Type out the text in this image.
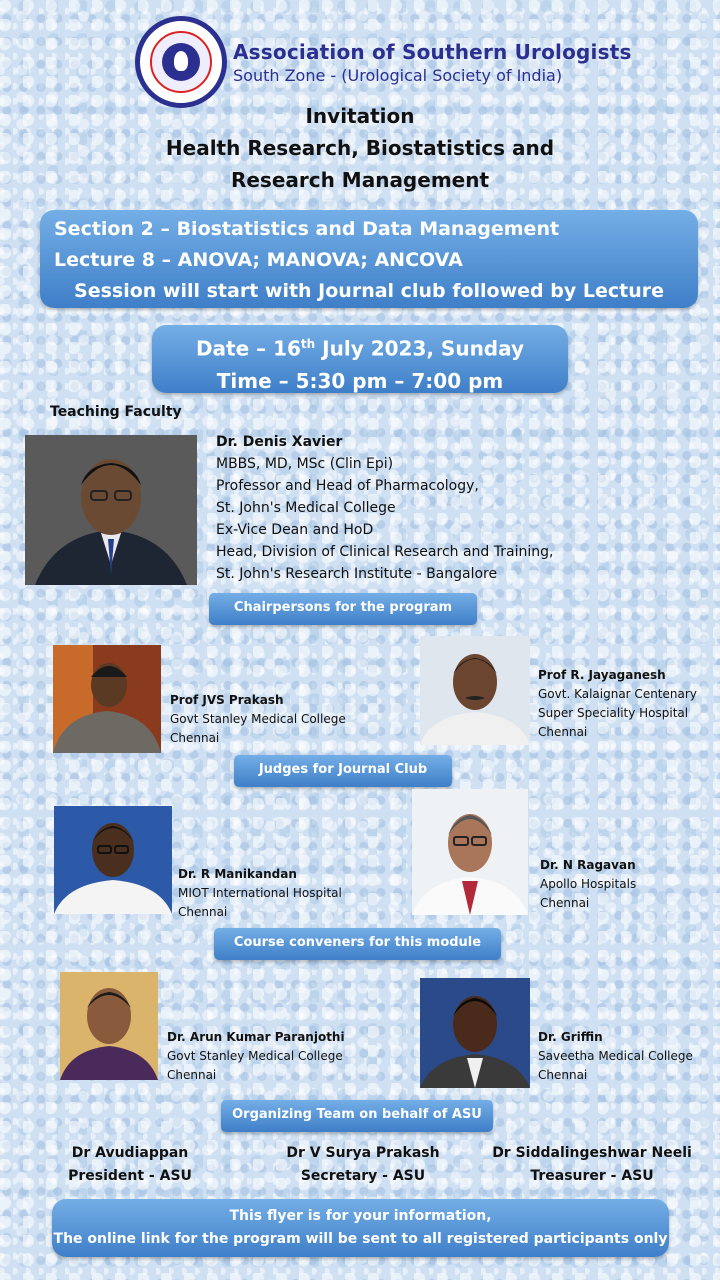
Association of Southern Urologists
South Zone - (Urological Society of India)
Invitation
Health Research, Biostatistics and
Research Management
Section 2 – Biostatistics and Data Management
Lecture 8 – ANOVA; MANOVA; ANCOVA
Session will start with Journal club followed by Lecture
Date – 16th July 2023, Sunday
Time – 5:30 pm – 7:00 pm
Teaching Faculty
Dr. Denis Xavier
MBBS, MD, MSc (Clin Epi)
Professor and Head of Pharmacology,
St. John's Medical College
Ex-Vice Dean and HoD
Head, Division of Clinical Research and Training,
St. John's Research Institute - Bangalore
Chairpersons for the program
Prof JVS Prakash
Govt Stanley Medical College
Chennai
Prof R. Jayaganesh
Govt. Kalaignar Centenary
Super Speciality Hospital
Chennai
Judges for Journal Club
Dr. R Manikandan
MIOT International Hospital
Chennai
Dr. N Ragavan
Apollo Hospitals
Chennai
Course conveners for this module
Dr. Arun Kumar Paranjothi
Govt Stanley Medical College
Chennai
Dr. Griffin
Saveetha Medical College
Chennai
Organizing Team on behalf of ASU
Dr Avudiappan
President - ASU
Dr V Surya Prakash
Secretary - ASU
Dr Siddalingeshwar Neeli
Treasurer - ASU
This flyer is for your information,
The online link for the program will be sent to all registered participants only
